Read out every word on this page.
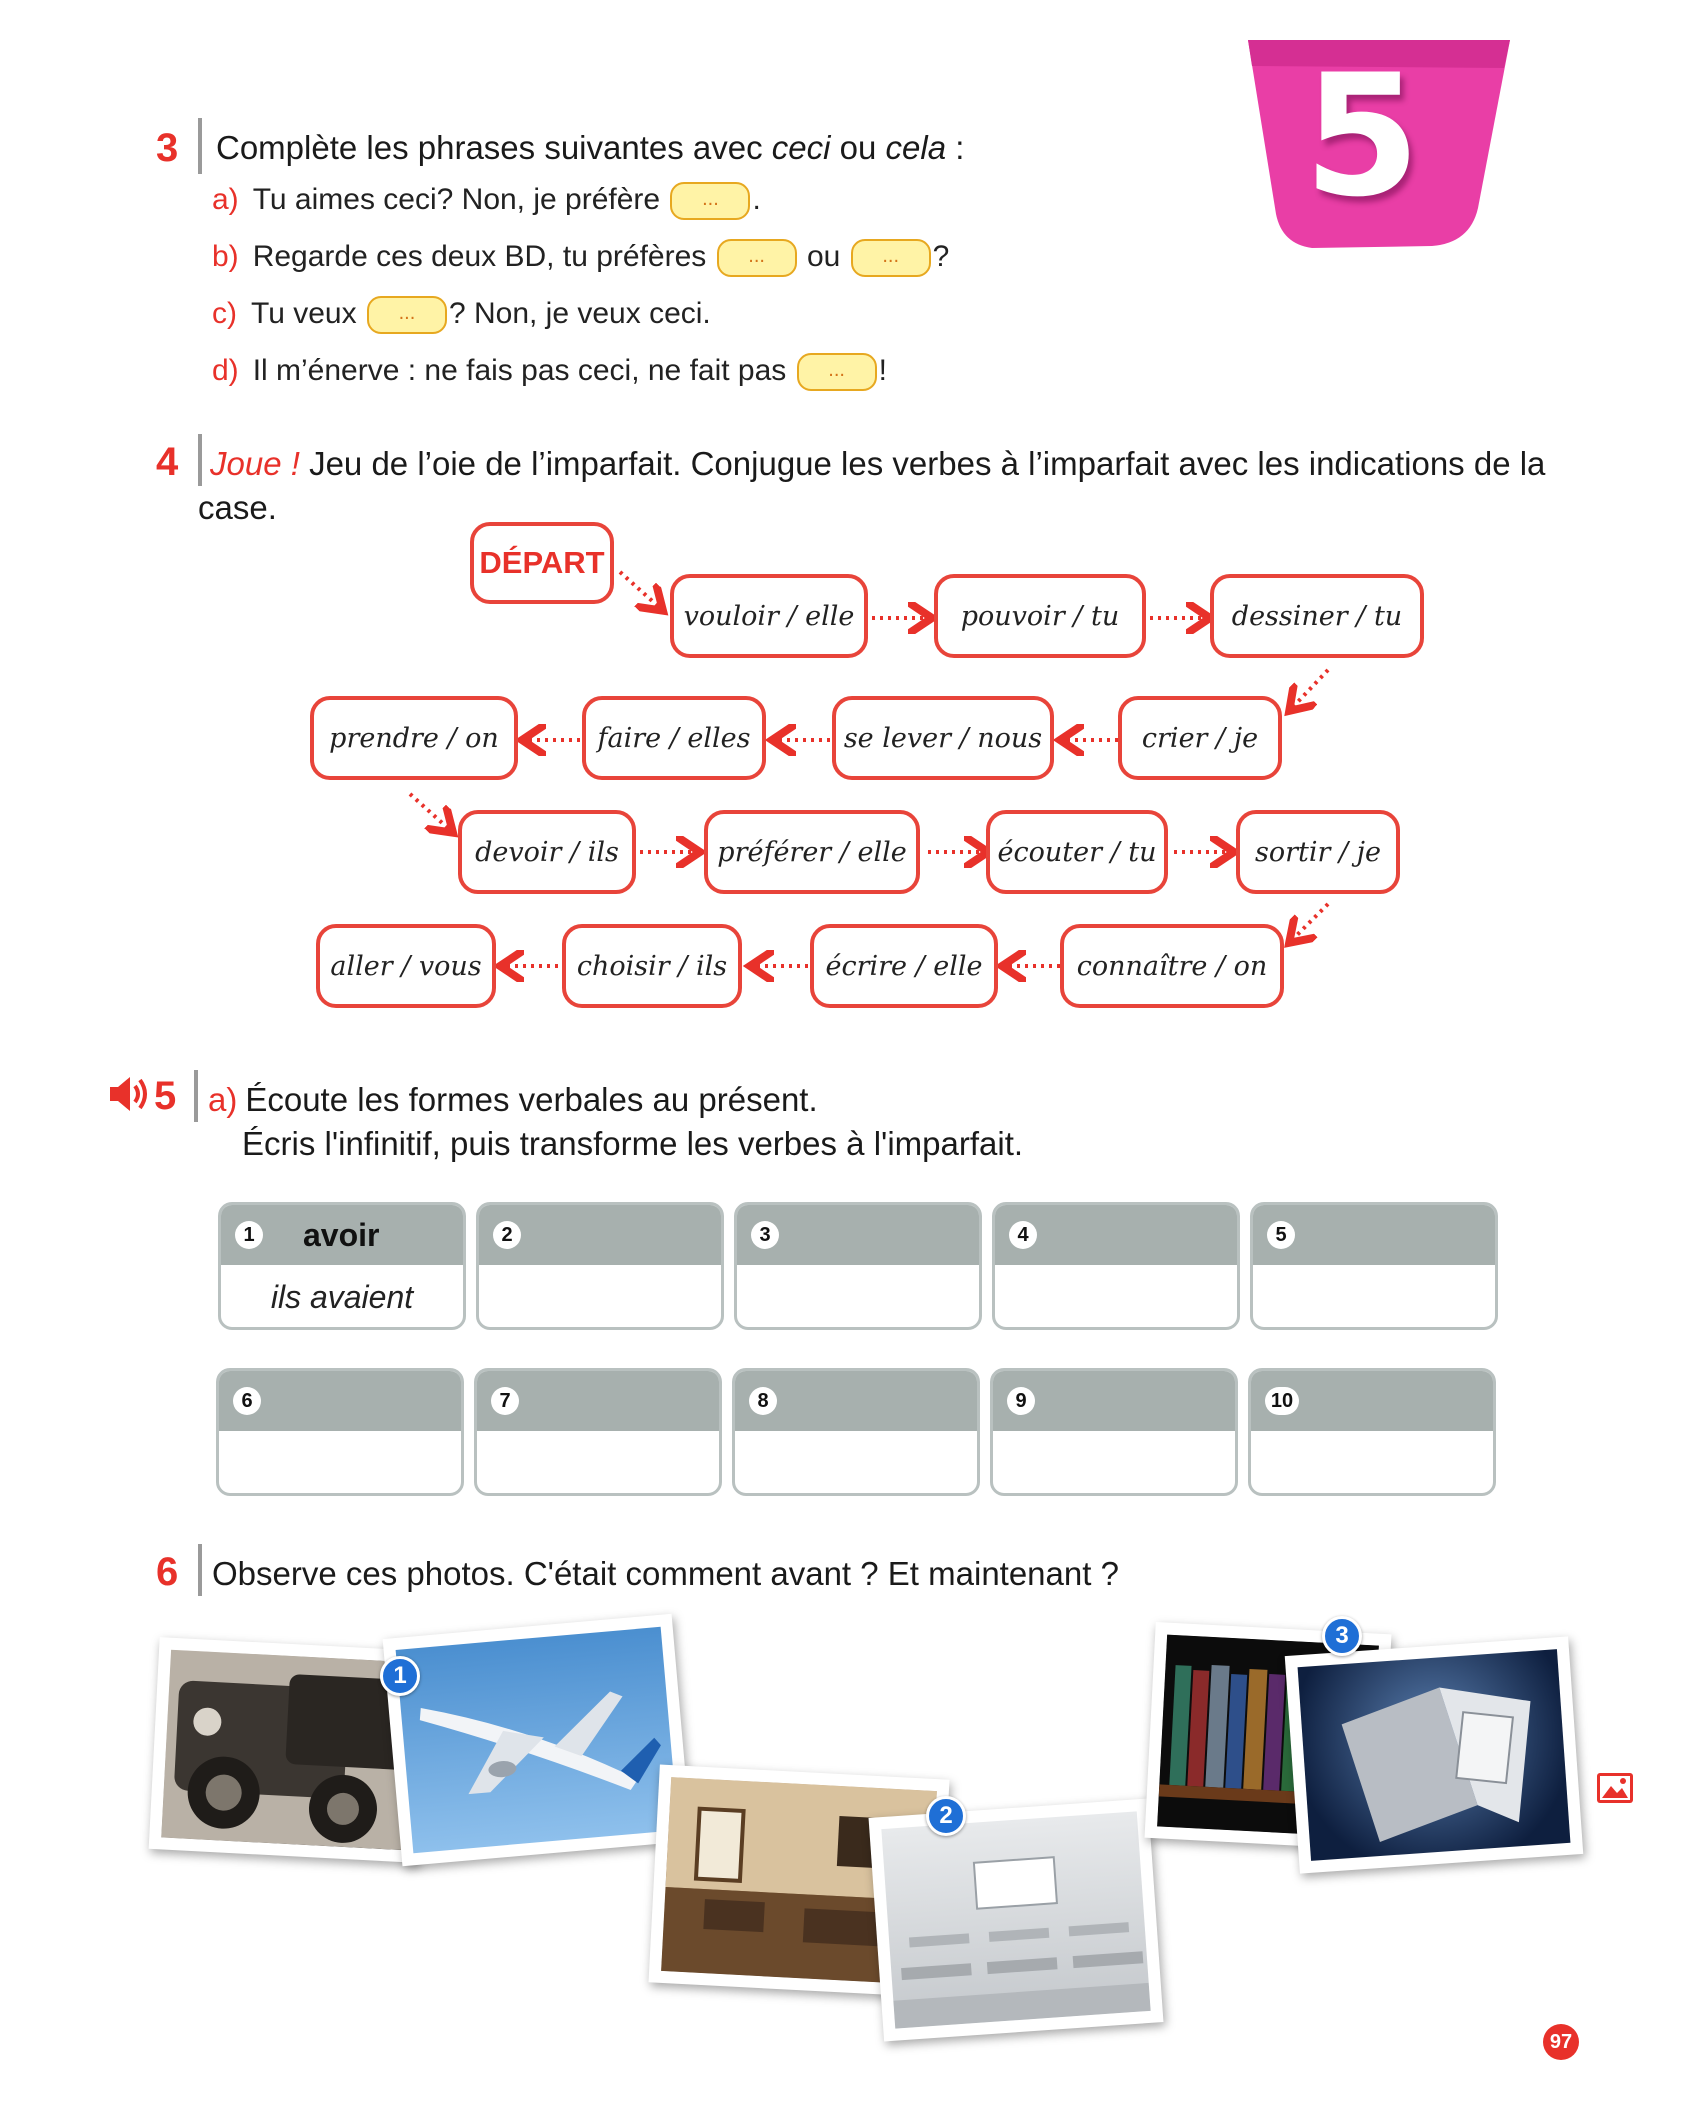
5
3 Complète les phrases suivantes avec ceci ou cela :
a) Tu aimes ceci? Non, je préfère ... .
b) Regarde ces deux BD, tu préfères ... ou ... ?
c) Tu veux ... ? Non, je veux ceci.
d) Il m’énerve : ne fais pas ceci, ne fait pas ... !
4 Joue ! Jeu de l’oie de l’imparfait. Conjugue les verbes à l’imparfait avec les indications de la
case.
DÉPART
vouloir / elle	pouvoir / tu	dessiner / tu
crier / je
se lever / nous
faire / elles
prendre / on
devoir / ils	préférer / elle	écouter / tu	sortir / je
connaître / on
écrire / elle
choisir / ils
aller / vous
5 a) Écoute les formes verbales au présent.
Écris l'infinitif, puis transforme les verbes à l'imparfait.
1 avoir
ils avaient
2	3	4	5
6	7	8	9	10
6 Observe ces photos. C'était comment avant ? Et maintenant ?
1
2
3
97
